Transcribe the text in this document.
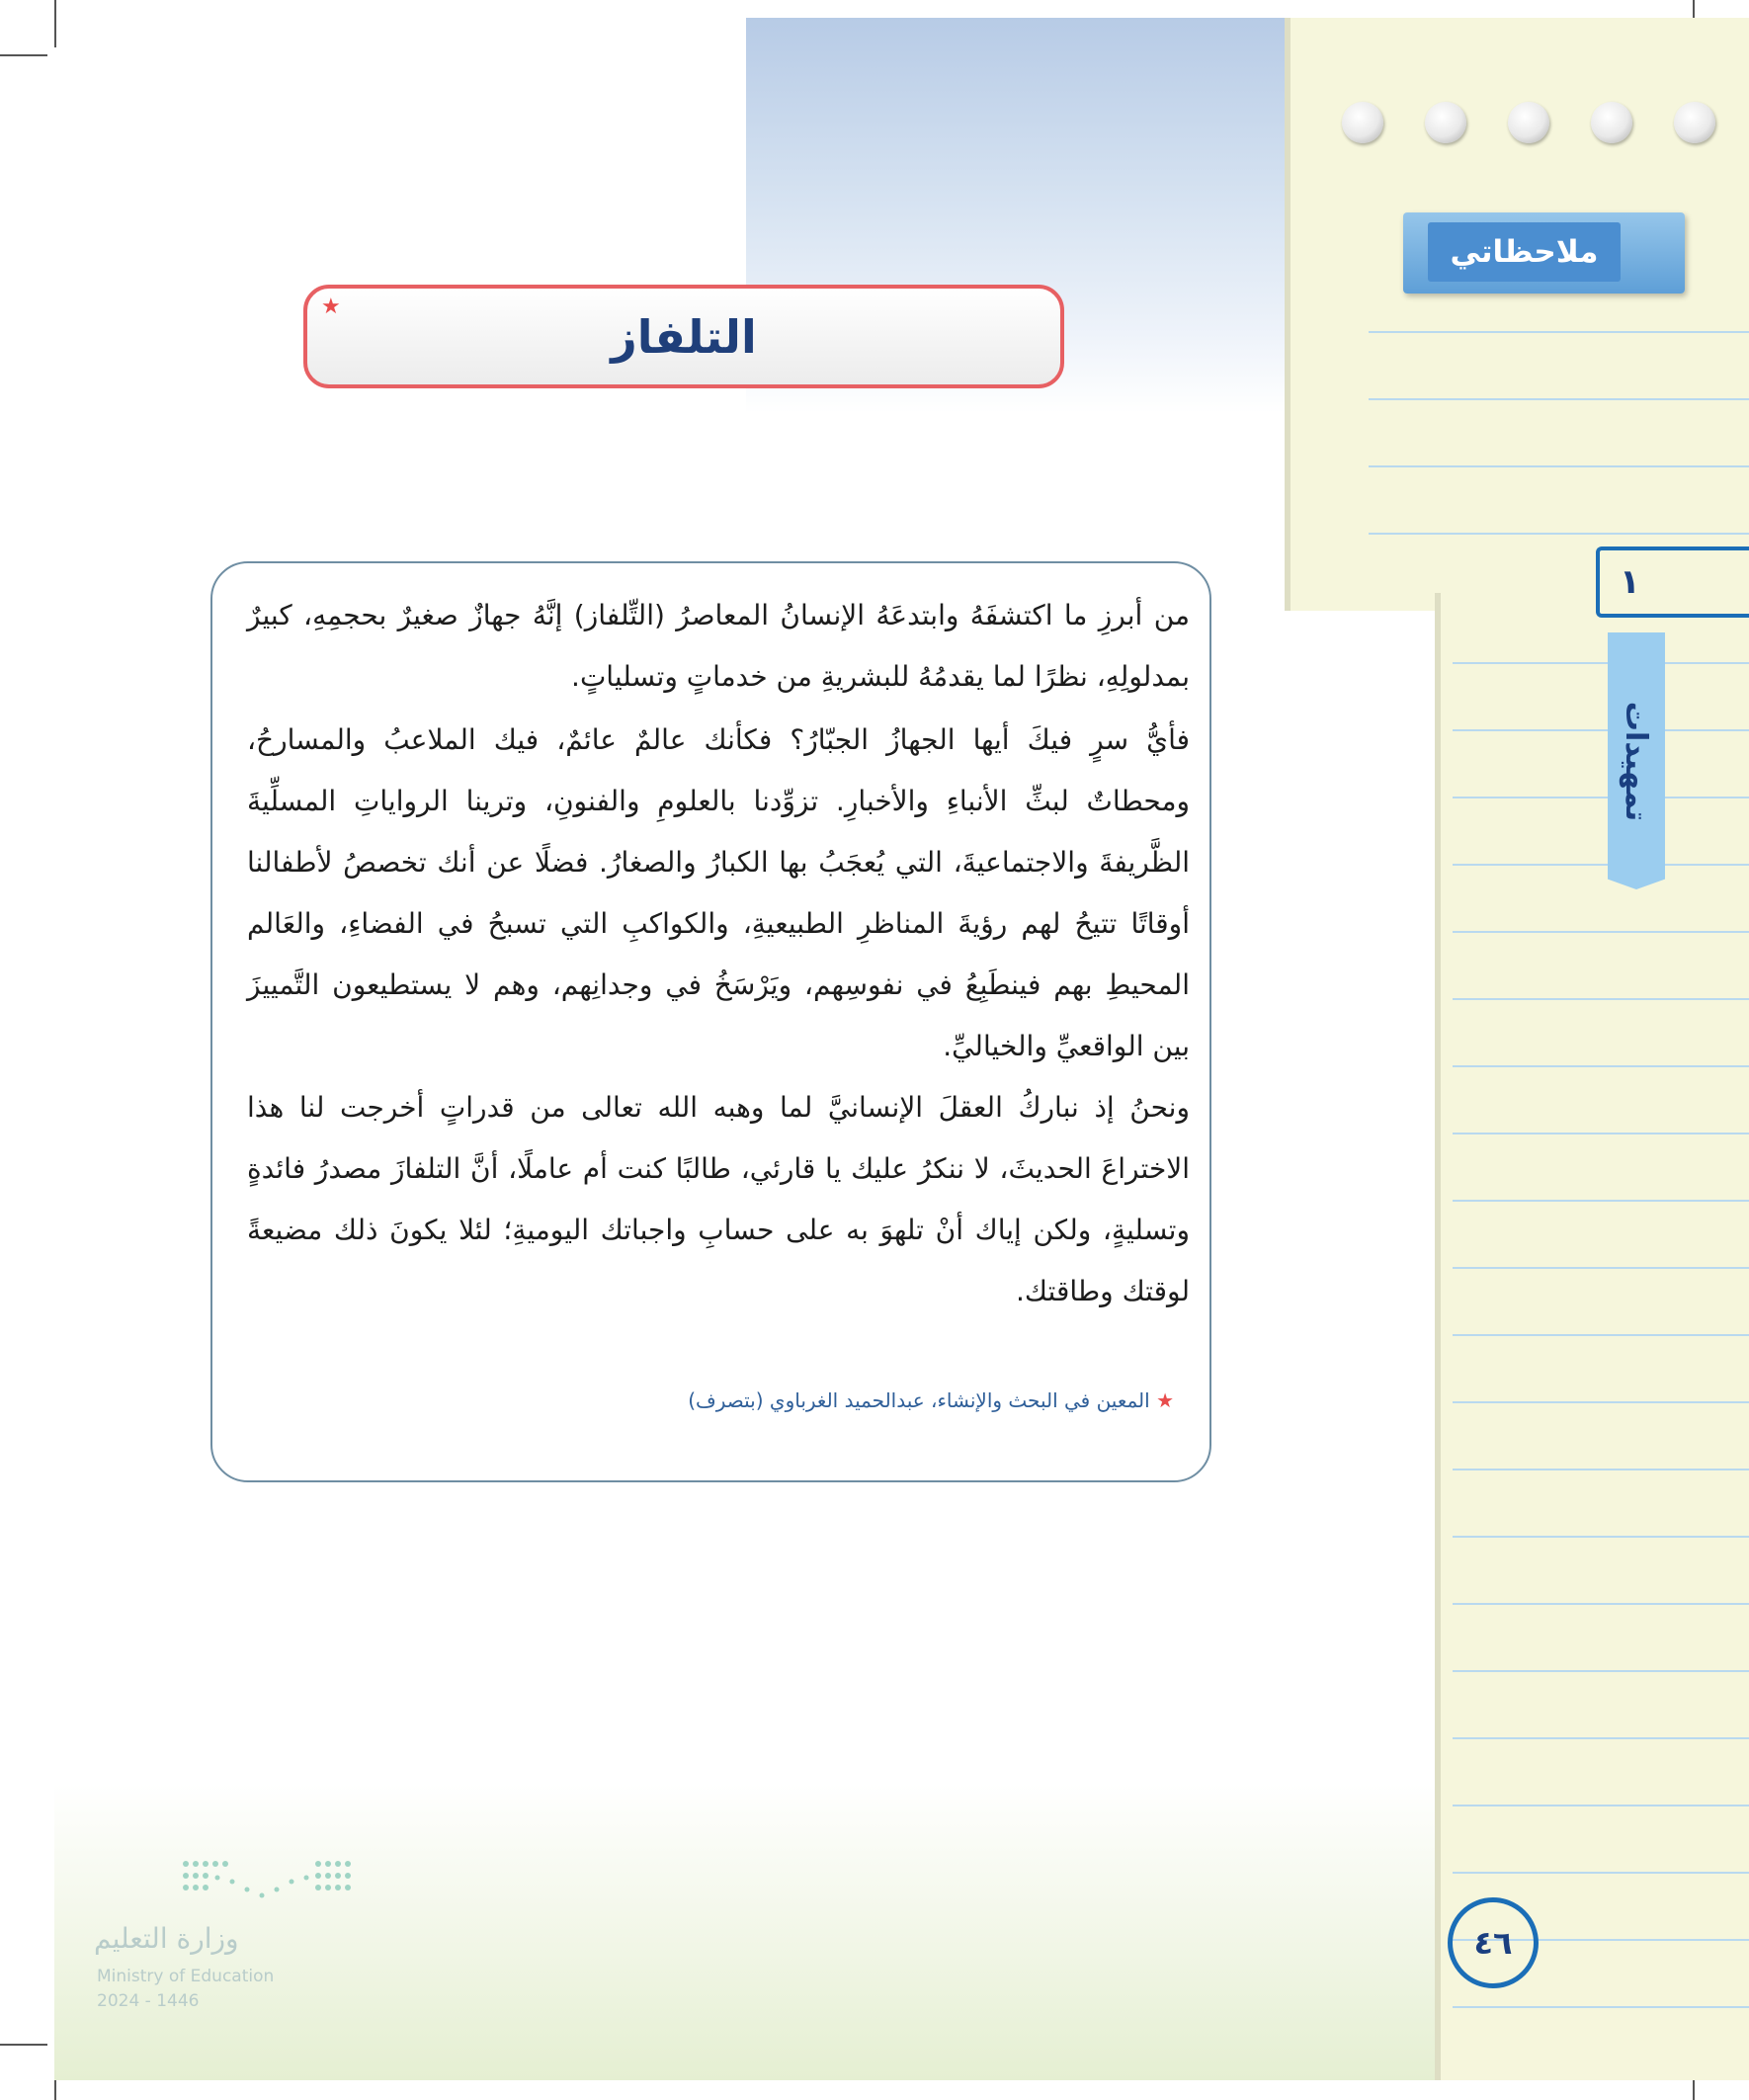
ملاحظاتي
١
تمهيدات
★
التلفاز

من أبرزِ ما اكتشفَهُ وابتدعَهُ الإنسانُ المعاصرُ (التِّلفاز) إنَّهُ جهازٌ صغيرٌ بحجمِهِ، كبيرٌ بمدلولِهِ، نظرًا لما يقدمُهُ للبشريةِ من خدماتٍ وتسلياتٍ.

فأيُّ سرٍ فيكَ أيها الجهازُ الجبّارُ؟ فكأنك عالمٌ عائمٌ، فيك الملاعبُ والمسارحُ، ومحطاتٌ لبثِّ الأنباءِ والأخبارِ. تزوِّدنا بالعلومِ والفنونِ، وترينا الرواياتِ المسلِّيةَ الظَّريفةَ والاجتماعيةَ، التي يُعجَبُ بها الكبارُ والصغارُ. فضلًا عن أنك تخصصُ لأطفالنا أوقاتًا تتيحُ لهم رؤيةَ المناظرِ الطبيعيةِ، والكواكبِ التي تسبحُ في الفضاءِ، والعَالم المحيطِ بهم فينطَبِعُ في نفوسِهم، ويَرْسَخُ في وجدانِهم، وهم لا يستطيعون التَّمييزَ بين الواقعيِّ والخياليِّ.

ونحنُ إذ نباركُ العقلَ الإنسانيَّ لما وهبه الله تعالى من قدراتٍ أخرجت لنا هذا الاختراعَ الحديثَ، لا ننكرُ عليك يا قارئي، طالبًا كنت أم عاملًا، أنَّ التلفازَ مصدرُ فائدةٍ وتسليةٍ، ولكن إياك أنْ تلهوَ به على حسابِ واجباتك اليوميةِ؛ لئلا يكونَ ذلك مضيعةً لوقتك وطاقتك.

★ المعين في البحث والإنشاء، عبدالحميد الغرباوي (بتصرف)
٤٦
وزارة التعليم
Ministry of Education
2024 - 1446
